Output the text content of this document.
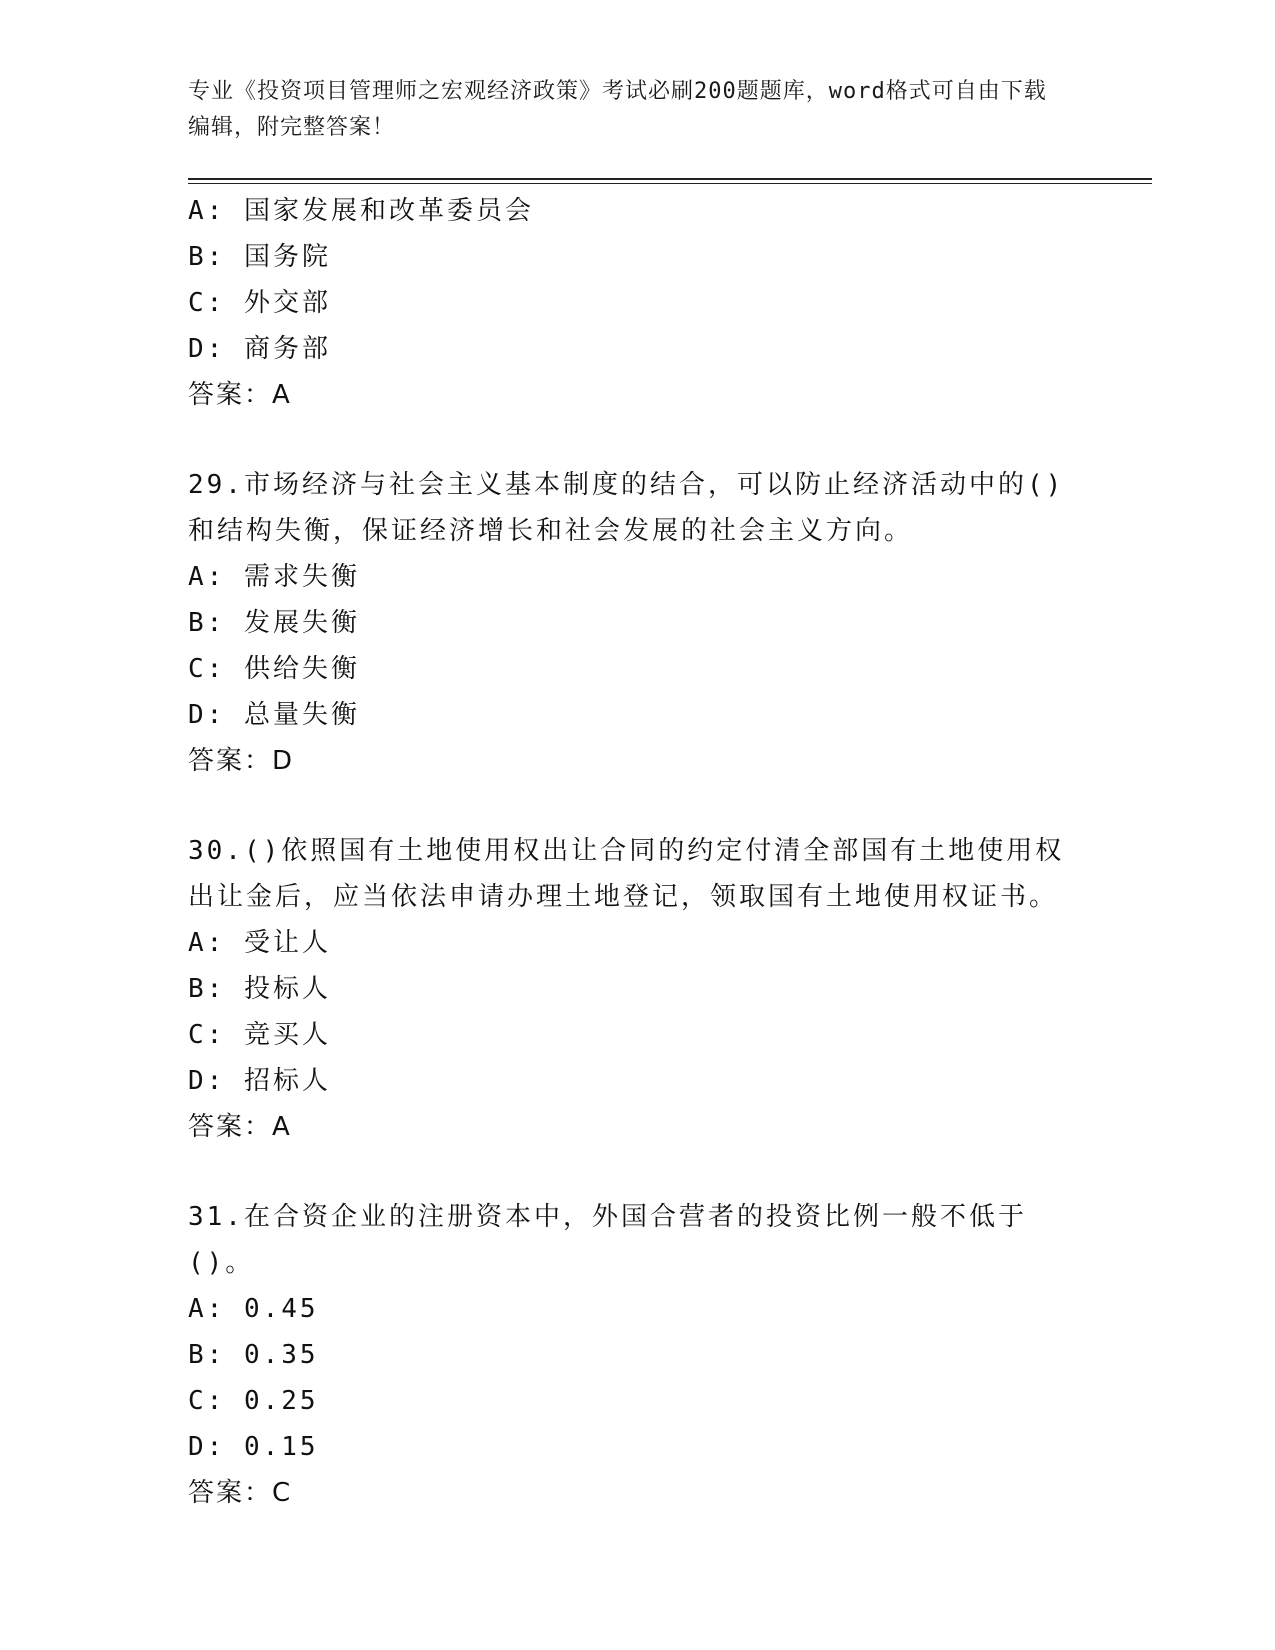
专业《投资项目管理师之宏观经济政策》考试必刷200题题库，word格式可自由下载编辑，附完整答案！
A: 国家发展和改革委员会
B: 国务院
C: 外交部
D: 商务部
答案：A
29.市场经济与社会主义基本制度的结合，可以防止经济活动中的()和结构失衡，保证经济增长和社会发展的社会主义方向。
A: 需求失衡
B: 发展失衡
C: 供给失衡
D: 总量失衡
答案：D
30.()依照国有土地使用权出让合同的约定付清全部国有土地使用权出让金后，应当依法申请办理土地登记，领取国有土地使用权证书。
A: 受让人
B: 投标人
C: 竞买人
D: 招标人
答案：A
31.在合资企业的注册资本中，外国合营者的投资比例一般不低于()。
A: 0.45
B: 0.35
C: 0.25
D: 0.15
答案：C
